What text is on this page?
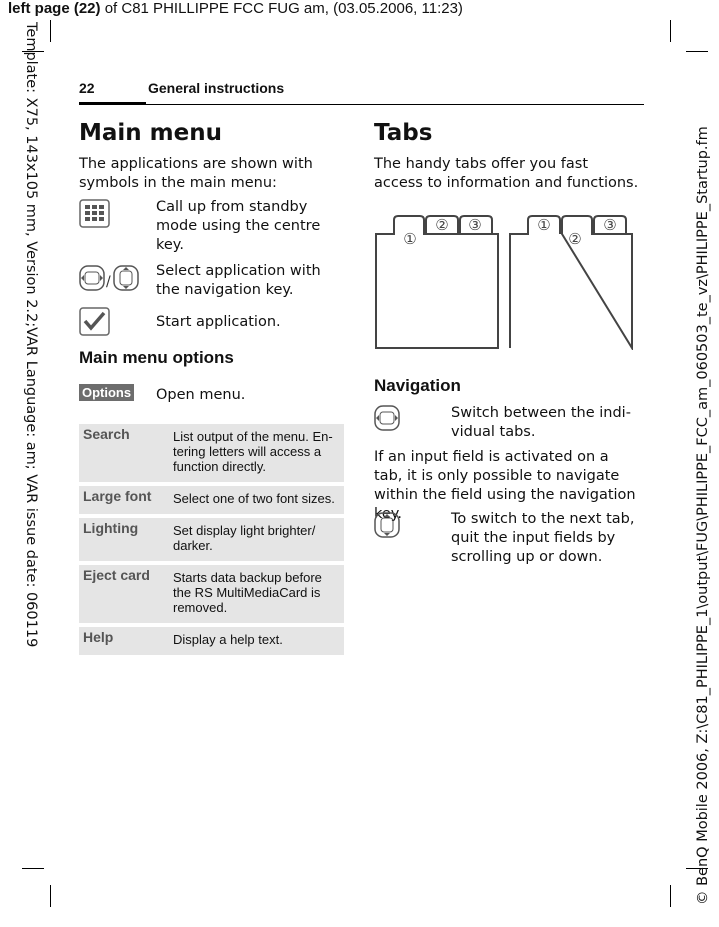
left page (22) of C81 PHILLIPPE FCC FUG am, (03.05.2006, 11:23)
Template: X75, 143x105 mm, Version 2.2;VAR Language: am; VAR issue date: 060119	© BenQ Mobile 2006, Z:\C81_PHILIPPE_1\output\FUG\PHILIPPE_FCC_am_060503_te_vz\PHILIPPE_Startup.fm
22	General instructions
Main menu
The applications are shown with symbols in the main menu:
Call up from standby mode using the centre key.
/
Select application with the navigation key.
Start application.
Main menu options
Options Open menu.
Search	List output of the menu. En-tering letters will access a function directly.
Large font	Select one of two font sizes.
Lighting	Set display light brighter/ darker.
Eject card	Starts data backup before the RS MultiMediaCard is removed.
Help	Display a help text.
Tabs
The handy tabs offer you fast access to information and functions.
①
② ③	①
②
③
Navigation
Switch between the indi-vidual tabs.
If an input field is activated on a tab, it is only possible to navigate within the field using the navigation key.	To switch to the next tab, quit the input fields by scrolling up or down.
